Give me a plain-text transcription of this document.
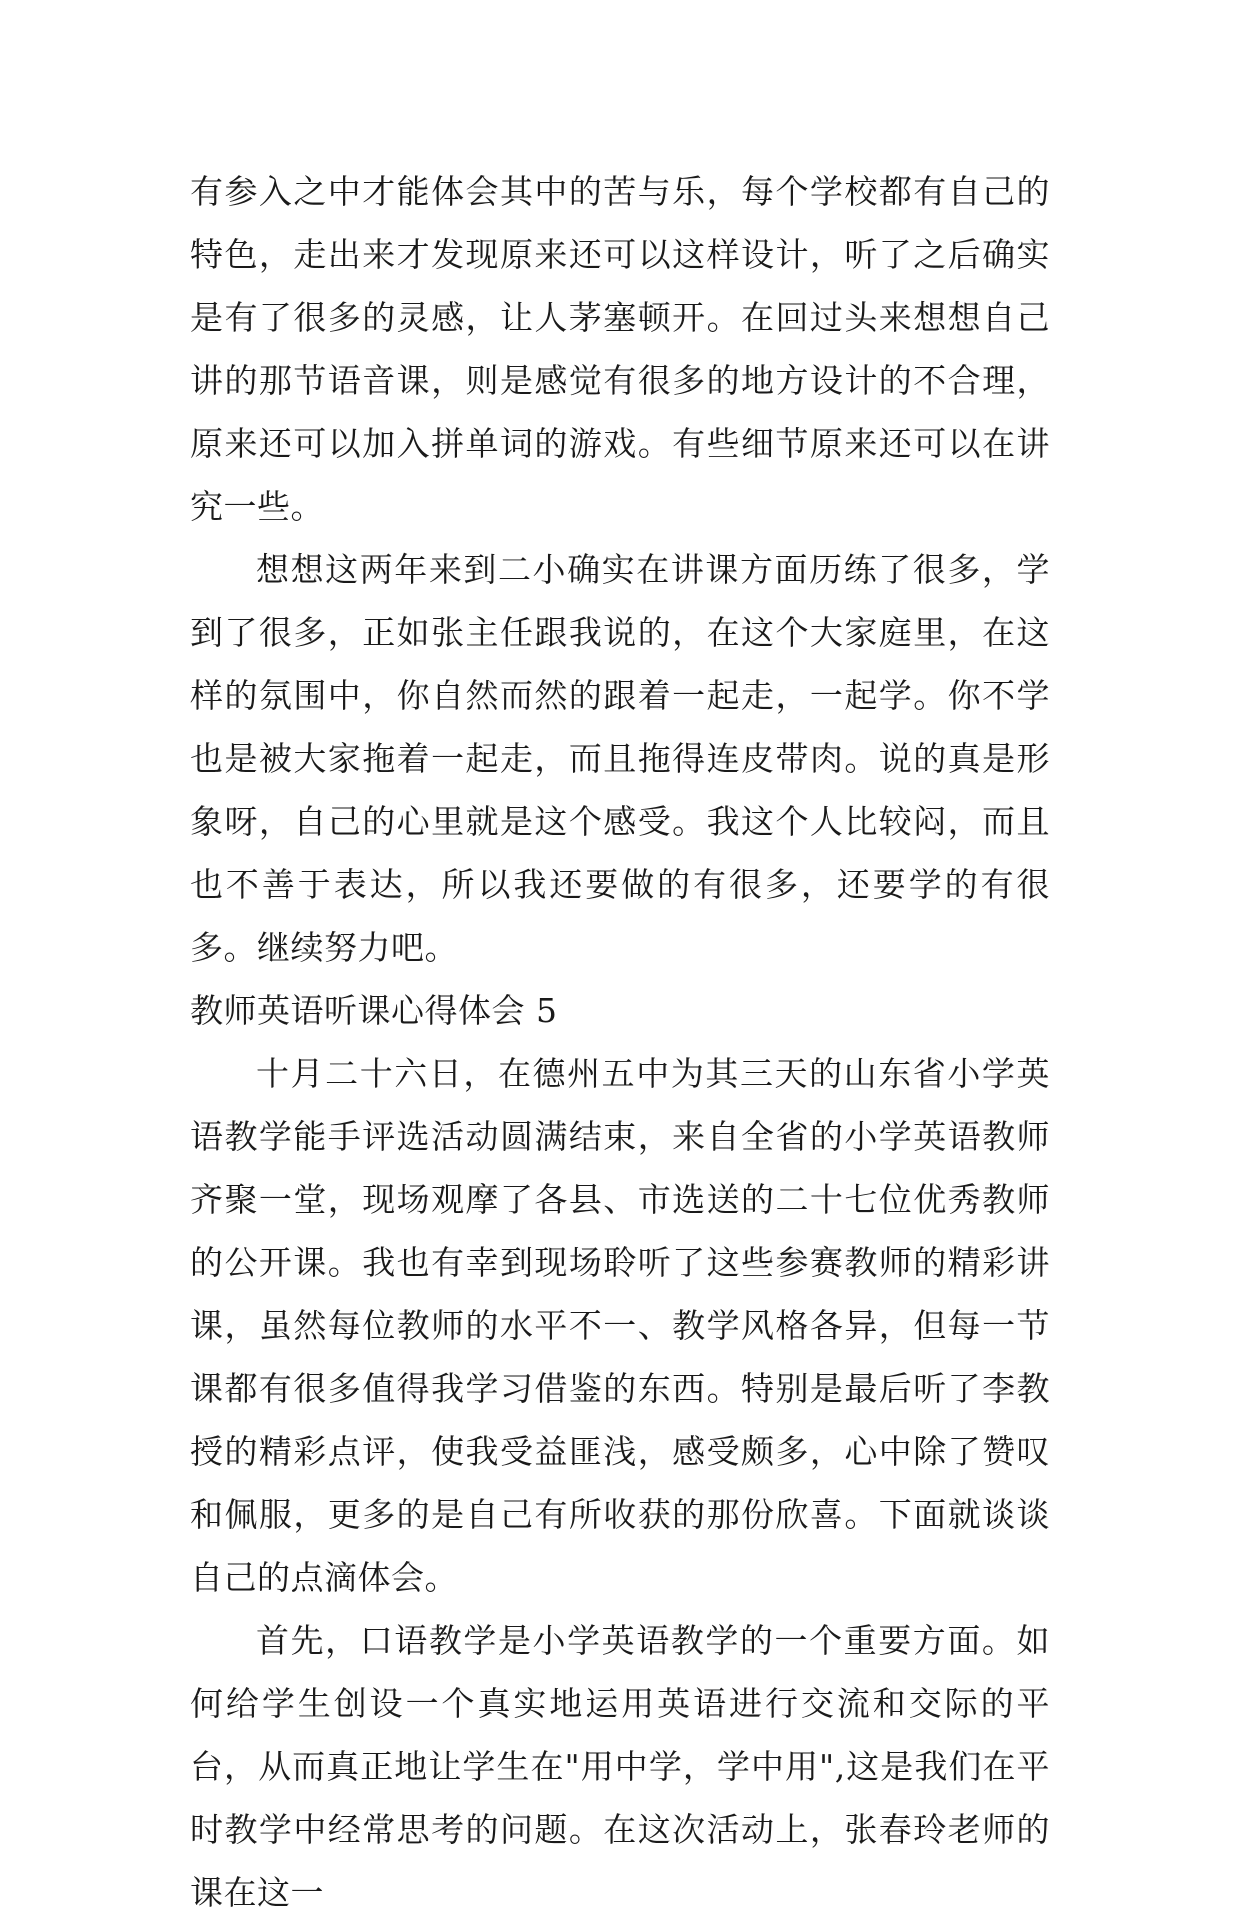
有参入之中才能体会其中的苦与乐，每个学校都有自己的特色，走出来才发现原来还可以这样设计，听了之后确实是有了很多的灵感，让人茅塞顿开。在回过头来想想自己讲的那节语音课，则是感觉有很多的地方设计的不合理，原来还可以加入拼单词的游戏。有些细节原来还可以在讲究一些。

想想这两年来到二小确实在讲课方面历练了很多，学到了很多，正如张主任跟我说的，在这个大家庭里，在这样的氛围中，你自然而然的跟着一起走，一起学。你不学也是被大家拖着一起走，而且拖得连皮带肉。说的真是形象呀，自己的心里就是这个感受。我这个人比较闷，而且也不善于表达，所以我还要做的有很多，还要学的有很多。继续努力吧。

教师英语听课心得体会 5

十月二十六日，在德州五中为其三天的山东省小学英语教学能手评选活动圆满结束，来自全省的小学英语教师齐聚一堂，现场观摩了各县、市选送的二十七位优秀教师的公开课。我也有幸到现场聆听了这些参赛教师的精彩讲课，虽然每位教师的水平不一、教学风格各异，但每一节课都有很多值得我学习借鉴的东西。特别是最后听了李教授的精彩点评，使我受益匪浅，感受颇多，心中除了赞叹和佩服，更多的是自己有所收获的那份欣喜。下面就谈谈自己的点滴体会。

首先，口语教学是小学英语教学的一个重要方面。如何给学生创设一个真实地运用英语进行交流和交际的平台，从而真正地让学生在"用中学，学中用",这是我们在平时教学中经常思考的问题。在这次活动上，张春玲老师的课在这一
